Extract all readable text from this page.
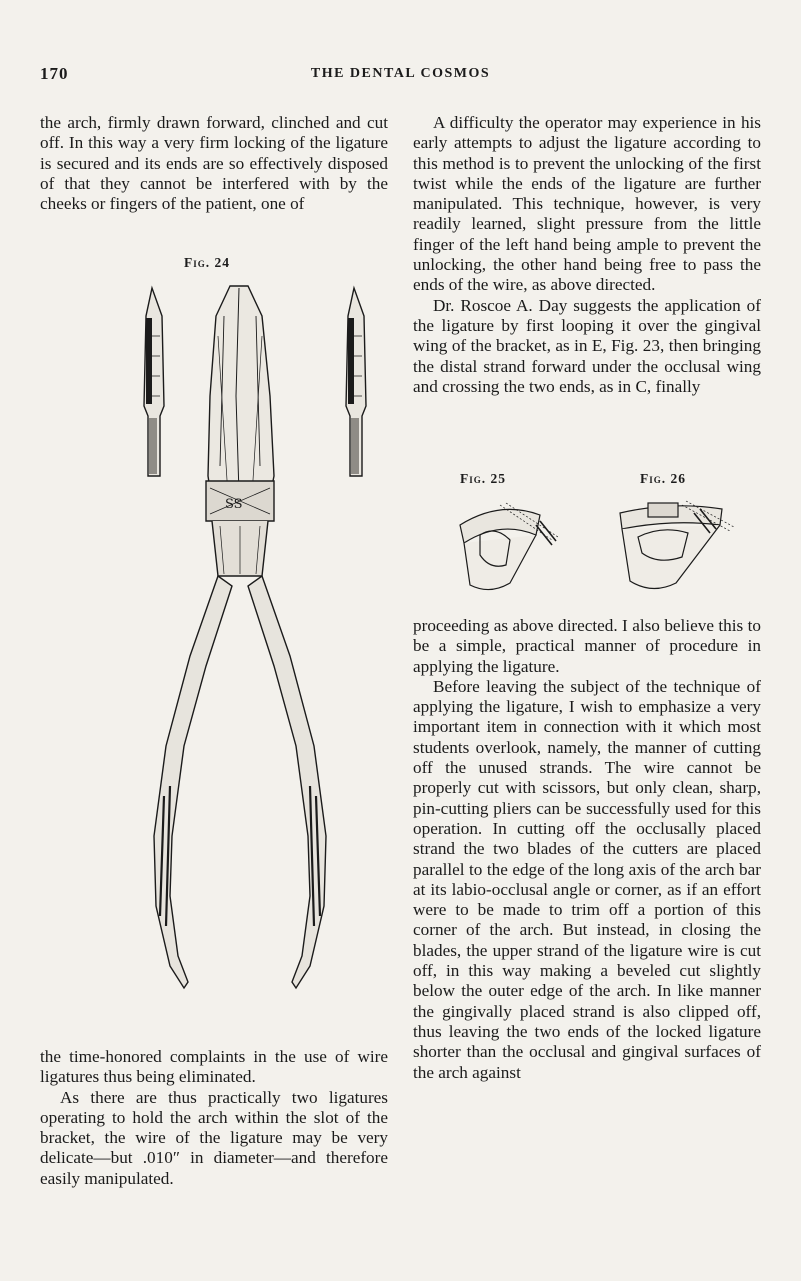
170	THE DENTAL COSMOS

the arch, firmly drawn forward, clinched and cut off. In this way a very firm locking of the ligature is secured and its ends are so effectively disposed of that they cannot be interfered with by the cheeks or fingers of the patient, one of

Fig. 24
SS

the time-honored complaints in the use of wire ligatures thus being eliminated.

As there are thus practically two ligatures operating to hold the arch within the slot of the bracket, the wire of the ligature may be very delicate—but .010″ in diameter—and therefore easily manipulated.

A difficulty the operator may experience in his early attempts to adjust the ligature according to this method is to prevent the unlocking of the first twist while the ends of the ligature are further manipulated. This technique, however, is very readily learned, slight pressure from the little finger of the left hand being ample to prevent the unlocking, the other hand being free to pass the ends of the wire, as above directed.

Dr. Roscoe A. Day suggests the application of the ligature by first looping it over the gingival wing of the bracket, as in E, Fig. 23, then bringing the distal strand forward under the occlusal wing and crossing the two ends, as in C, finally

Fig. 25	Fig. 26

proceeding as above directed. I also believe this to be a simple, practical manner of procedure in applying the ligature.

Before leaving the subject of the technique of applying the ligature, I wish to emphasize a very important item in connection with it which most students overlook, namely, the manner of cutting off the unused strands. The wire cannot be properly cut with scissors, but only clean, sharp, pin-cutting pliers can be successfully used for this operation. In cutting off the occlusally placed strand the two blades of the cutters are placed parallel to the edge of the long axis of the arch bar at its labio-occlusal angle or corner, as if an effort were to be made to trim off a portion of this corner of the arch. But instead, in closing the blades, the upper strand of the ligature wire is cut off, in this way making a beveled cut slightly below the outer edge of the arch. In like manner the gingivally placed strand is also clipped off, thus leaving the two ends of the locked ligature shorter than the occlusal and gingival surfaces of the arch against
